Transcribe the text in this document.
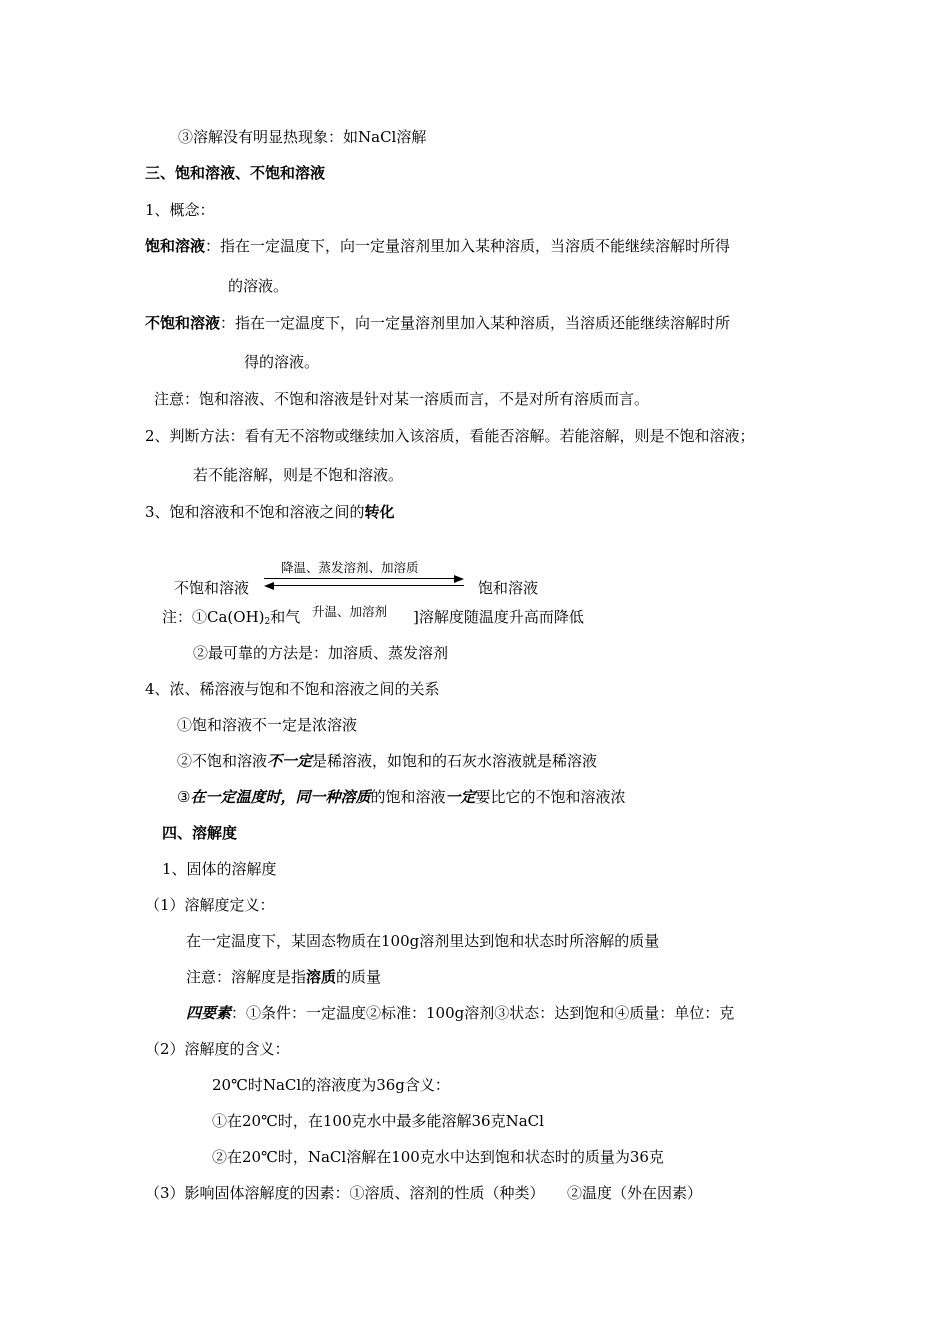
③溶解没有明显热现象：如NaCl溶解
三、饱和溶液、不饱和溶液
1、概念：
饱和溶液：指在一定温度下，向一定量溶剂里加入某种溶质，当溶质不能继续溶解时所得
的溶液。
不饱和溶液：指在一定温度下，向一定量溶剂里加入某种溶质，当溶质还能继续溶解时所
得的溶液。
注意：饱和溶液、不饱和溶液是针对某一溶质而言，不是对所有溶质而言。
2、判断方法：看有无不溶物或继续加入该溶质，看能否溶解。若能溶解，则是不饱和溶液；
若不能溶解，则是不饱和溶液。
3、饱和溶液和不饱和溶液之间的转化
降温、蒸发溶剂、加溶质
不饱和溶液	饱和溶液
注：$①Ca(OH)_2$和气	]溶解度随温度升高而降低
升温、加溶剂
②最可靠的方法是：加溶质、蒸发溶剂
4、浓、稀溶液与饱和不饱和溶液之间的关系
①饱和溶液不一定是浓溶液
②不饱和溶液不一定是稀溶液，如饱和的石灰水溶液就是稀溶液
③在一定温度时，同一种溶质的饱和溶液一定要比它的不饱和溶液浓
四、溶解度
1、固体的溶解度
（1）溶解度定义：
在一定温度下，某固态物质在100g溶剂里达到饱和状态时所溶解的质量
注意：溶解度是指溶质的质量
四要素：①条件：一定温度②标准：100g溶剂③状态：达到饱和④质量：单位：克
（2）溶解度的含义：
20℃时NaCl的溶液度为36g含义：
①在20℃时，在100克水中最多能溶解36克NaCl
②在20℃时，NaCl溶解在100克水中达到饱和状态时的质量为36克
（3）影响固体溶解度的因素：①溶质、溶剂的性质（种类）　　②温度（外在因素）
